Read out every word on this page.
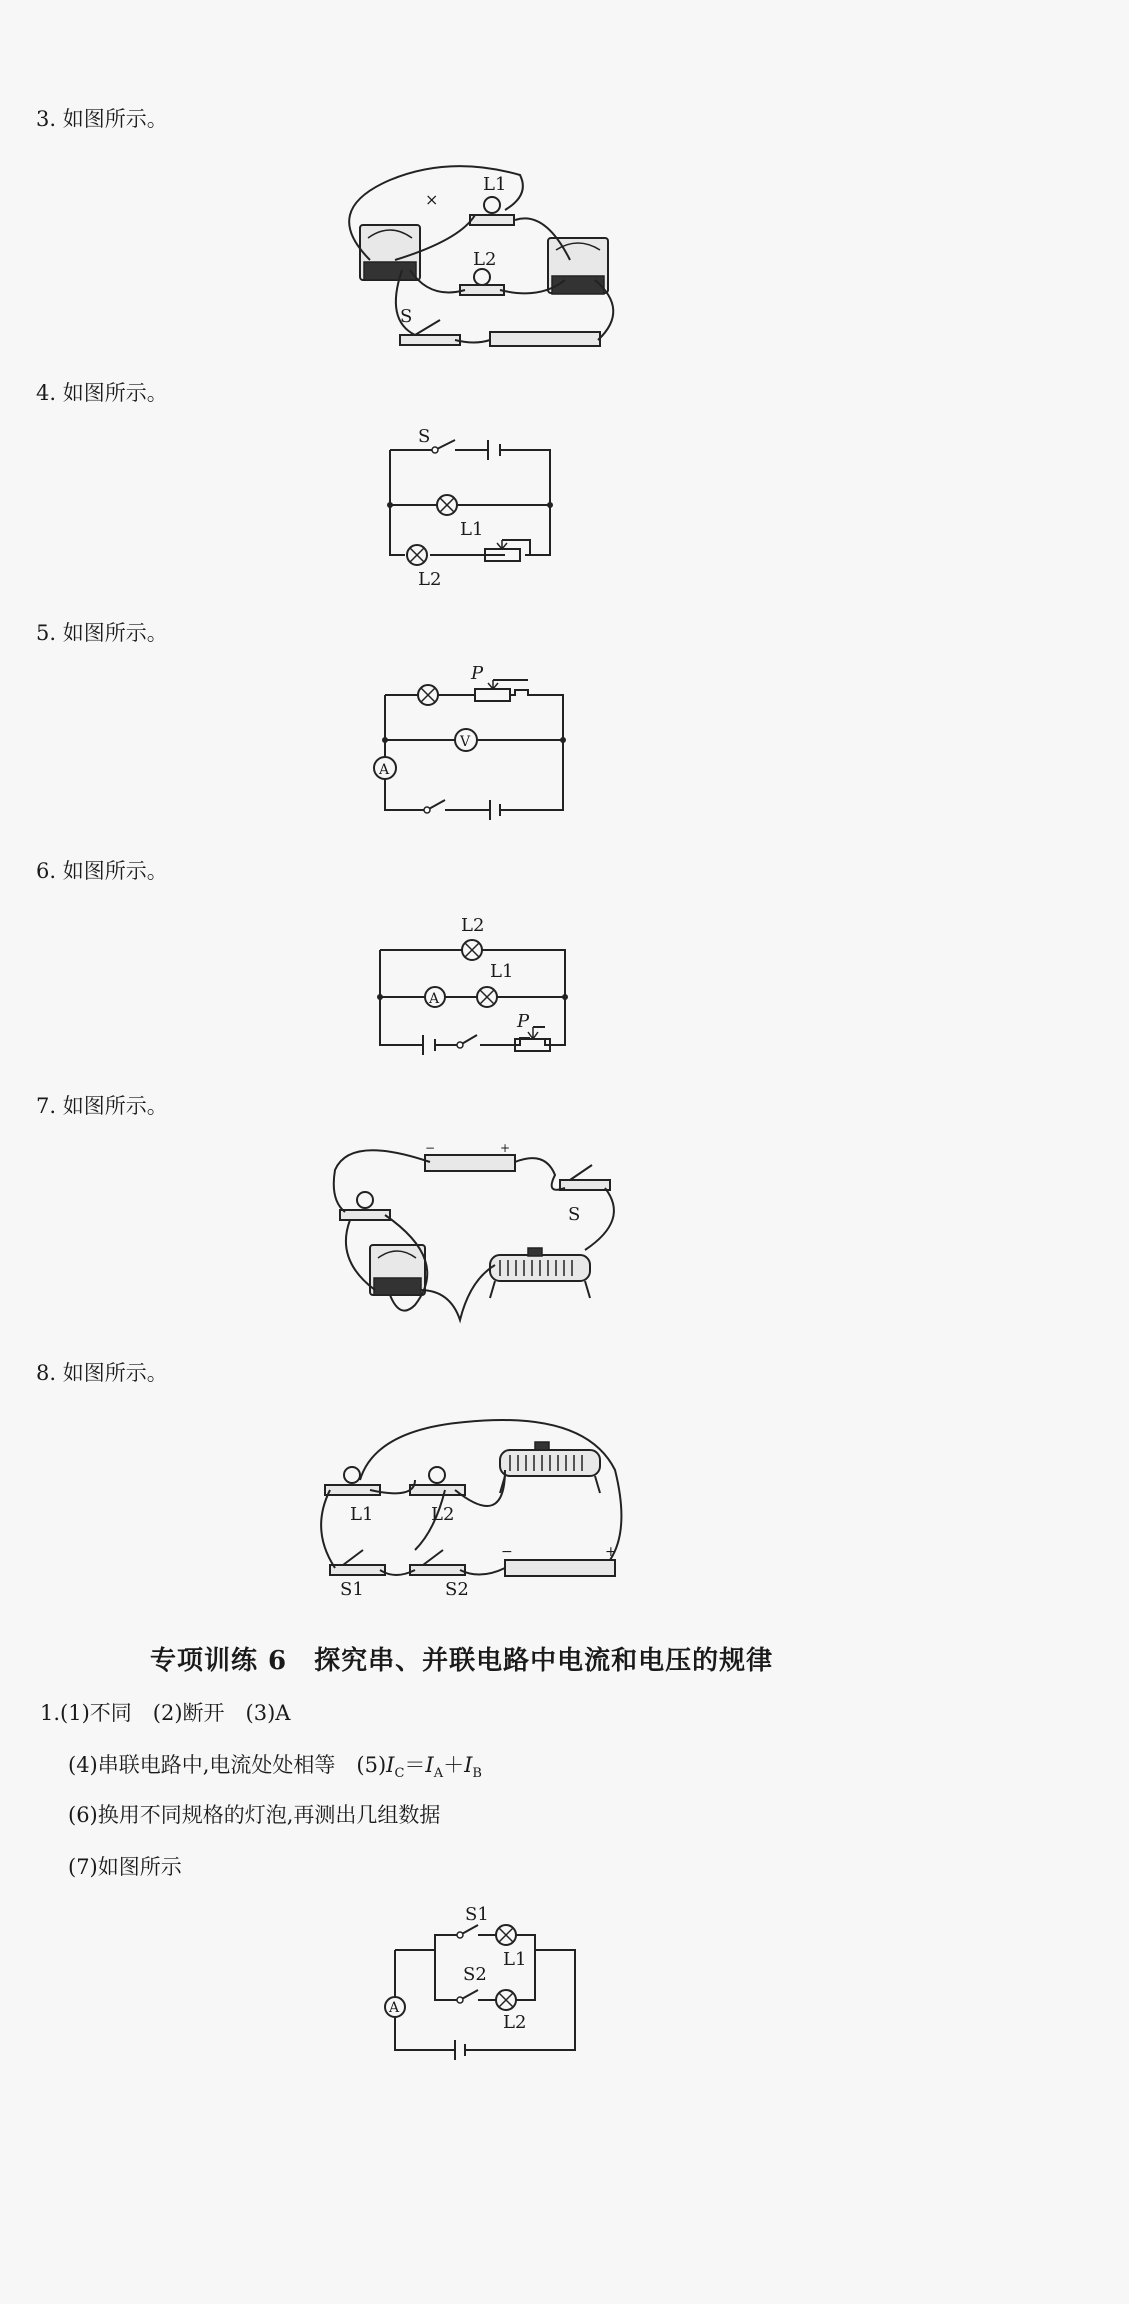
3. 如图所示。
×
L1
L2
S
4. 如图所示。
S
L1
L2
5. 如图所示。
P
V
A
6. 如图所示。
L2
L1
A
P
7. 如图所示。
−	+
S
8. 如图所示。
−	+
L1	L2
S1	S2
专项训练 6　探究串、并联电路中电流和电压的规律
1.(1)不同　(2)断开　(3)A
(4)串联电路中,电流处处相等　$(5)I_C=I_A+I_B$
(6)换用不同规格的灯泡,再测出几组数据
(7)如图所示
S1
L1
S2
L2
A
